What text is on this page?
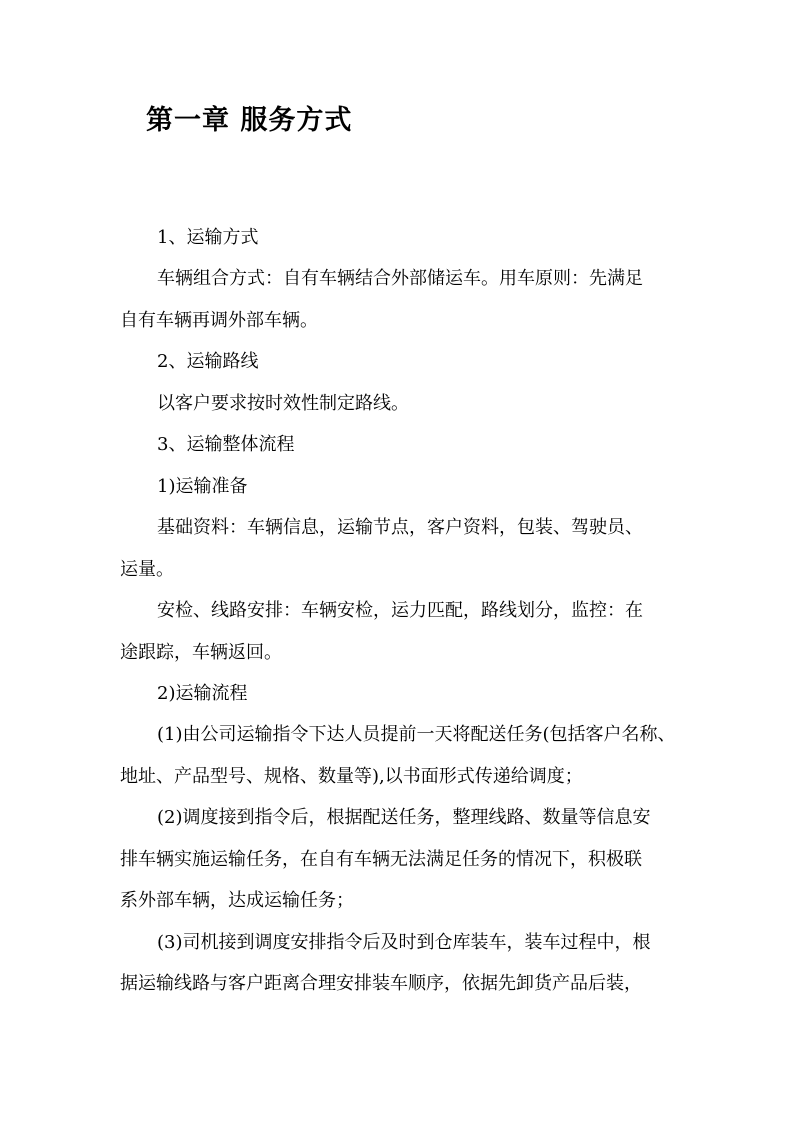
第一章 服务方式
1、运输方式
车辆组合方式：自有车辆结合外部储运车。用车原则：先满足
自有车辆再调外部车辆。
2、运输路线
以客户要求按时效性制定路线。
3、运输整体流程
1)运输准备
基础资料：车辆信息，运输节点，客户资料，包装、驾驶员、
运量。
安检、线路安排：车辆安检，运力匹配，路线划分，监控：在
途跟踪，车辆返回。
2)运输流程
(1)由公司运输指令下达人员提前一天将配送任务(包括客户名称、
地址、产品型号、规格、数量等),以书面形式传递给调度；
(2)调度接到指令后，根据配送任务，整理线路、数量等信息安
排车辆实施运输任务，在自有车辆无法满足任务的情况下，积极联
系外部车辆，达成运输任务；
(3)司机接到调度安排指令后及时到仓库装车，装车过程中，根
据运输线路与客户距离合理安排装车顺序，依据先卸货产品后装，
